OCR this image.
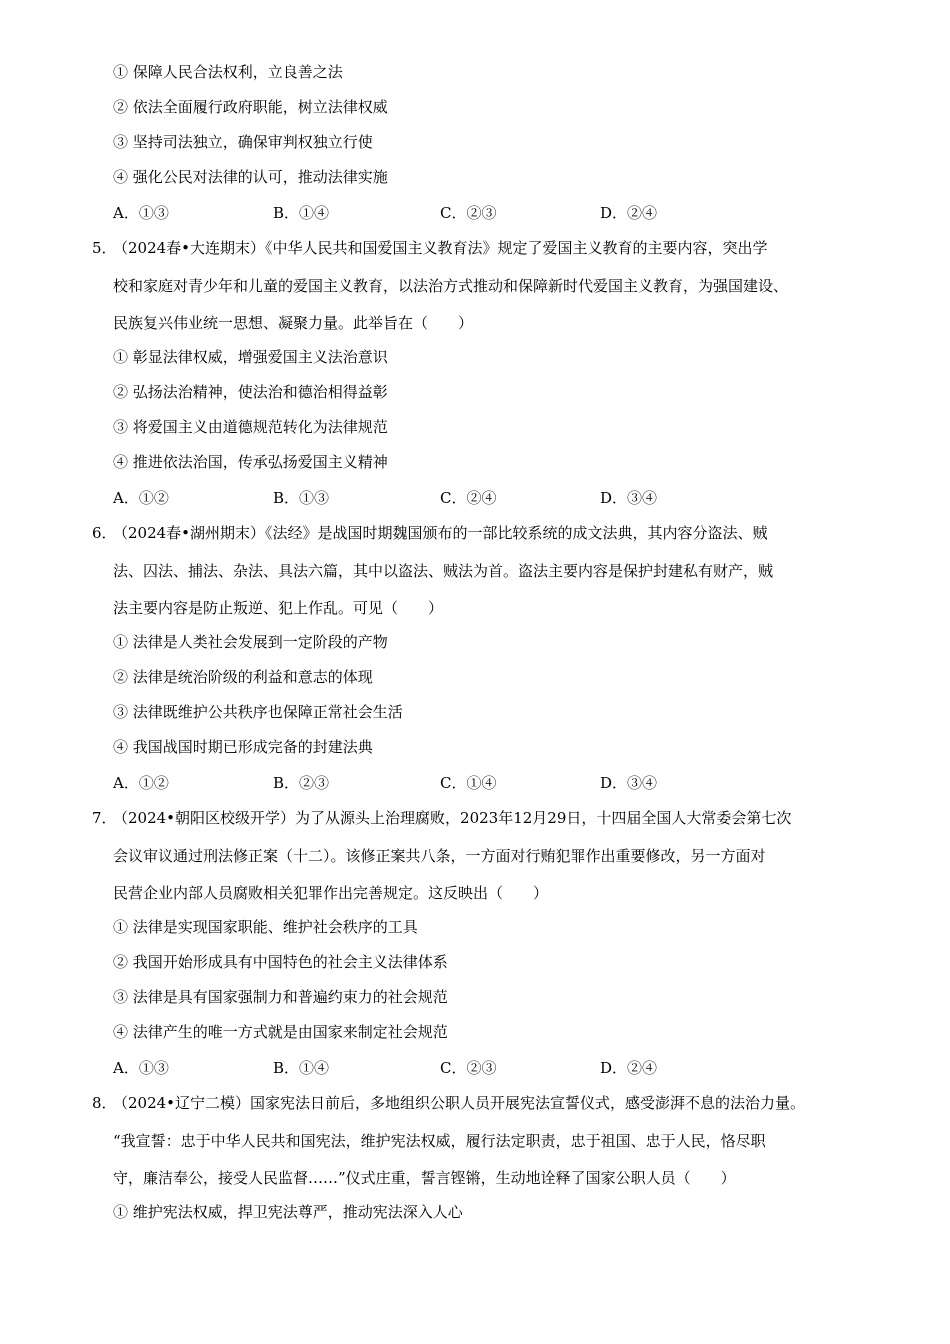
① 保障人民合法权利，立良善之法
② 依法全面履行政府职能，树立法律权威
③ 坚持司法独立，确保审判权独立行使
④ 强化公民对法律的认可，推动法律实施
A．①③	B．①④	C．②③	D．②④
5．
（2024春•大连期末）《中华人民共和国爱国主义教育法》规定了爱国主义教育的主要内容，突出学
校和家庭对青少年和儿童的爱国主义教育，以法治方式推动和保障新时代爱国主义教育，为强国建设、
民族复兴伟业统一思想、凝聚力量。此举旨在（　　）
① 彰显法律权威，增强爱国主义法治意识
② 弘扬法治精神，使法治和德治相得益彰
③ 将爱国主义由道德规范转化为法律规范
④ 推进依法治国，传承弘扬爱国主义精神
A．①②	B．①③	C．②④	D．③④
6．
（2024春•湖州期末）《法经》是战国时期魏国颁布的一部比较系统的成文法典，其内容分盗法、贼
法、囚法、捕法、杂法、具法六篇，其中以盗法、贼法为首。盗法主要内容是保护封建私有财产，贼
法主要内容是防止叛逆、犯上作乱。可见（　　）
① 法律是人类社会发展到一定阶段的产物
② 法律是统治阶级的利益和意志的体现
③ 法律既维护公共秩序也保障正常社会生活
④ 我国战国时期已形成完备的封建法典
A．①②	B．②③	C．①④	D．③④
7．
（2024•朝阳区校级开学）为了从源头上治理腐败，2023年12月29日，十四届全国人大常委会第七次
会议审议通过刑法修正案（十二）。该修正案共八条，一方面对行贿犯罪作出重要修改，另一方面对
民营企业内部人员腐败相关犯罪作出完善规定。这反映出（　　）
① 法律是实现国家职能、维护社会秩序的工具
② 我国开始形成具有中国特色的社会主义法律体系
③ 法律是具有国家强制力和普遍约束力的社会规范
④ 法律产生的唯一方式就是由国家来制定社会规范
A．①③	B．①④	C．②③	D．②④
8．
（2024•辽宁二模）国家宪法日前后，多地组织公职人员开展宪法宣誓仪式，感受澎湃不息的法治力量。
“我宣誓：忠于中华人民共和国宪法，维护宪法权威，履行法定职责，忠于祖国、忠于人民，恪尽职
守，廉洁奉公，接受人民监督……”仪式庄重，誓言铿锵，生动地诠释了国家公职人员（　　）
① 维护宪法权威，捍卫宪法尊严，推动宪法深入人心
